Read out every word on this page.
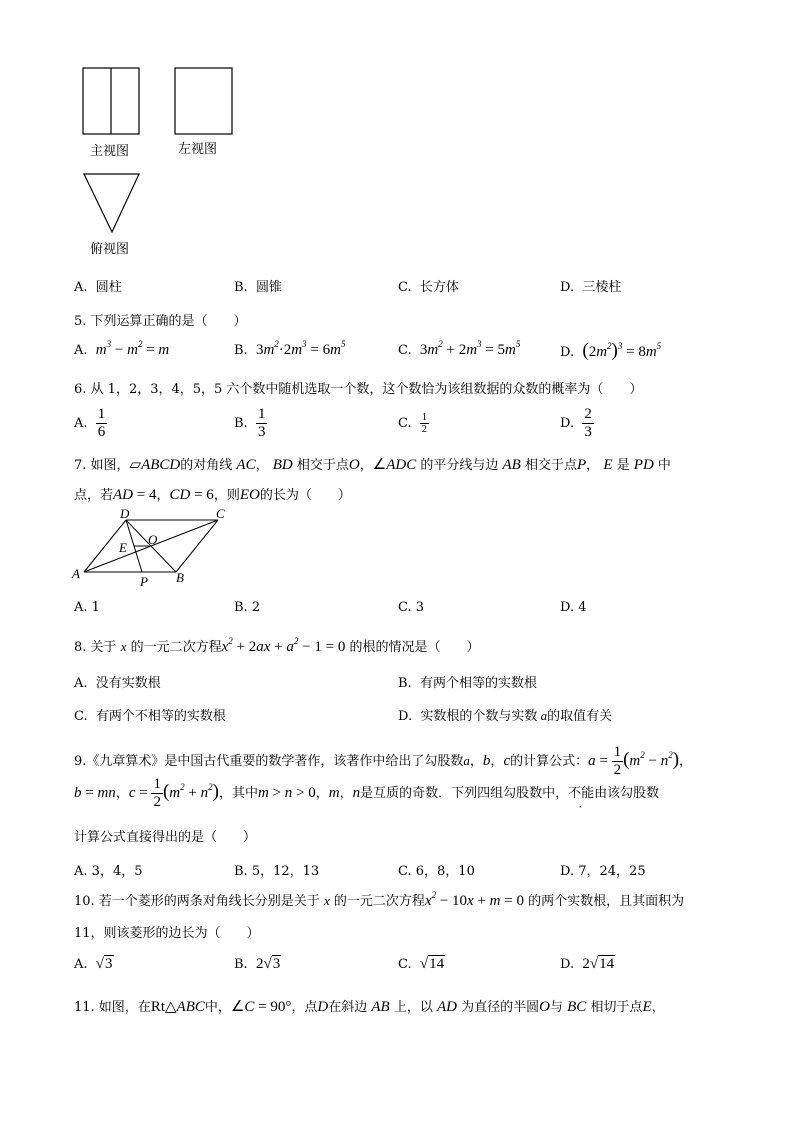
主视图	左视图
俯视图
A. 圆柱	B. 圆锥	C. 长方体	D. 三棱柱
5. 下列运算正确的是（　　）
A. $m^3 - m^2 = m$	B. $3m^2\cdot 2m^3 = 6m^5$	C. $3m^2 + 2m^3 = 5m^5$
D. $(2m^2)^3 = 8m^5$
6. 从 1，2，3，4，5，5 六个数中随机选取一个数，这个数恰为该组数据的众数的概率为（　　）
A. $\frac{1}{6}$	B. $\frac{1}{3}$	C. $\frac{1}{2}$	D. $\frac{2}{3}$
7. 如图，▱ABCD的对角线 AC， BD 相交于点O，∠ADC 的平分线与边 AB 相交于点P， E 是 PD 中
点，若AD = 4，CD = 6，则EO的长为（　　）
D	C
E
O
A
P B
A. 1	B. 2	C. 3	D. 4
8. 关于 x 的一元二次方程$x^2 + 2ax + a^2 - 1 = 0$ 的根的情况是（　　）
A. 没有实数根	B. 有两个相等的实数根
C. 有两个不相等的实数根	D. 实数根的个数与实数 a的取值有关
9.《九章算术》是中国古代重要的数学著作，该著作中给出了勾股数a，b，c的计算公式：$a = \frac{1}{2} (m^2 - n^2)$，
b = mn，$c = \frac{1}{2} (m^2 + n^2)$，其中m > n > 0，m，n是互质的奇数．下列四组勾股数中，不能由该勾股数
计算公式直接得出的是（　　）
A. 3，4，5	B. 5，12，13	C. 6，8，10	D. 7，24，25
10. 若一个菱形的两条对角线长分别是关于 x 的一元二次方程$x^2 - 10x + m = 0$ 的两个实数根，且其面积为
11，则该菱形的边长为（　　）
A. √3	B. 2√3	C. √14	D. 2√14
11. 如图，在Rt△ABC中，∠C = 90°，点D在斜边 AB 上，以 AD 为直径的半圆O与 BC 相切于点E，
